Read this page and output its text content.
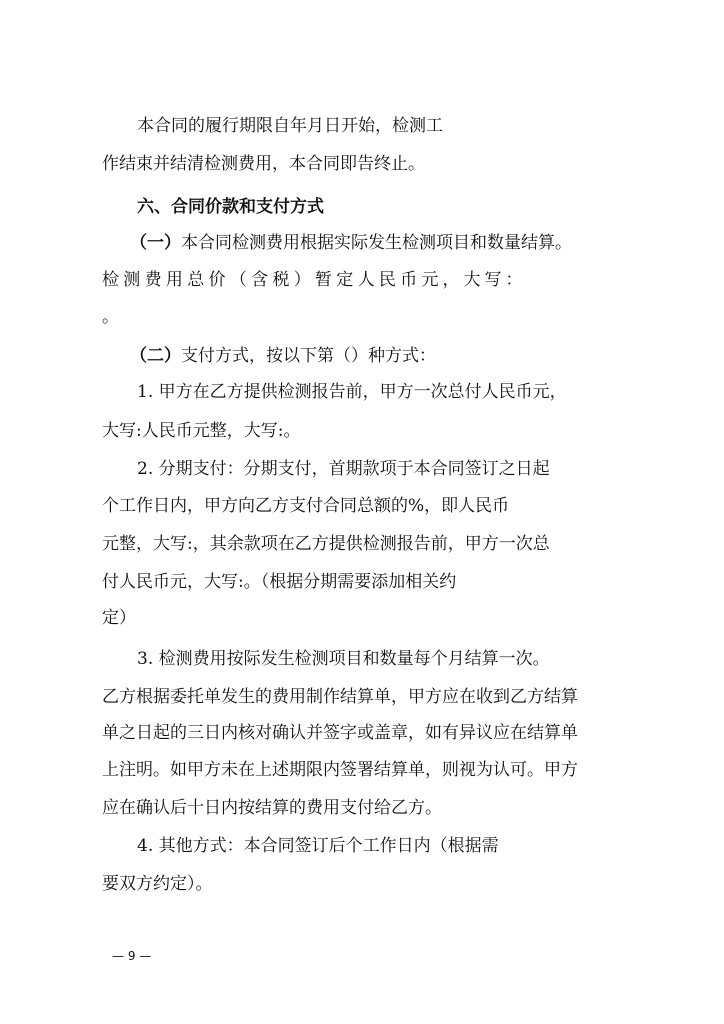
本合同的履行期限自年月日开始，检测工
作结束并结清检测费用，本合同即告终止。
六、合同价款和支付方式
（一）本合同检测费用根据实际发生检测项目和数量结算。
检测费用总价（含税）暂定人民币元，大写：
。
（二）支付方式，按以下第（）种方式：
1. 甲方在乙方提供检测报告前，甲方一次总付人民币元，
大写:人民币元整，大写:。
2. 分期支付：分期支付，首期款项于本合同签订之日起
个工作日内，甲方向乙方支付合同总额的%，即人民币
元整，大写:，其余款项在乙方提供检测报告前，甲方一次总
付人民币元，大写:。（根据分期需要添加相关约
定）
3. 检测费用按际发生检测项目和数量每个月结算一次。
乙方根据委托单发生的费用制作结算单，甲方应在收到乙方结算
单之日起的三日内核对确认并签字或盖章，如有异议应在结算单
上注明。如甲方未在上述期限内签署结算单，则视为认可。甲方
应在确认后十日内按结算的费用支付给乙方。
4. 其他方式：本合同签订后个工作日内（根据需
要双方约定）。
— 9 —
